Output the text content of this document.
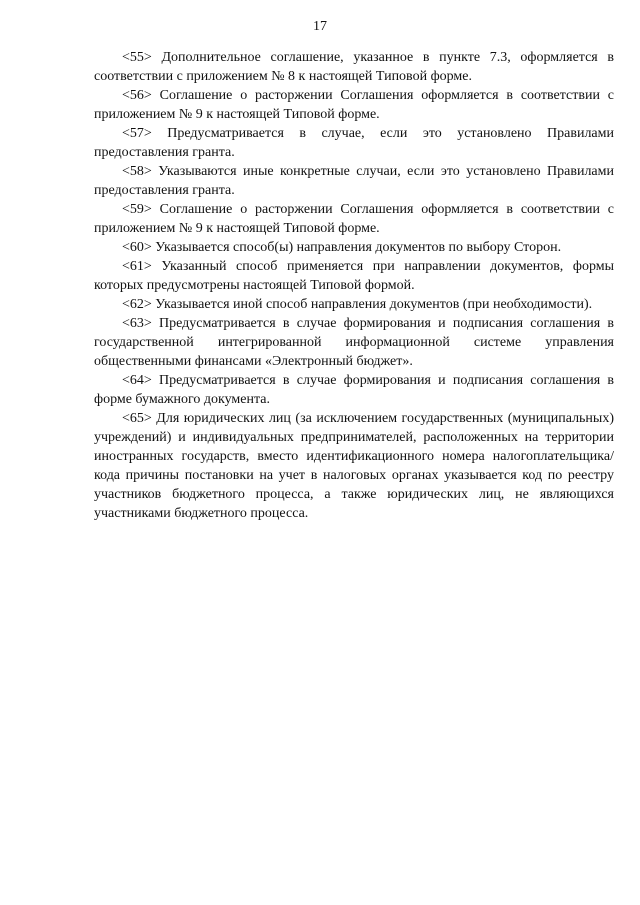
17

<55> Дополнительное соглашение, указанное в пункте 7.3, оформляется в соответствии с приложением № 8 к настоящей Типовой форме.

<56> Соглашение о расторжении Соглашения оформляется в соответствии с приложением № 9 к настоящей Типовой форме.

<57> Предусматривается в случае, если это установлено Правилами предоставления гранта.

<58> Указываются иные конкретные случаи, если это установлено Правилами предоставления гранта.

<59> Соглашение о расторжении Соглашения оформляется в соответствии с приложением № 9 к настоящей Типовой форме.

<60> Указывается способ(ы) направления документов по выбору Сторон.

<61> Указанный способ применяется при направлении документов, формы которых предусмотрены настоящей Типовой формой.

<62> Указывается иной способ направления документов (при необходимости).

<63> Предусматривается в случае формирования и подписания соглашения в государственной интегрированной информационной системе управления общественными финансами «Электронный бюджет».

<64> Предусматривается в случае формирования и подписания соглашения в форме бумажного документа.

<65> Для юридических лиц (за исключением государственных (муниципальных) учреждений) и индивидуальных предпринимателей, расположенных на территории иностранных государств, вместо идентификационного номера налогоплательщика/кода причины постановки на учет в налоговых органах указывается код по реестру участников бюджетного процесса, а также юридических лиц, не являющихся участниками бюджетного процесса.
